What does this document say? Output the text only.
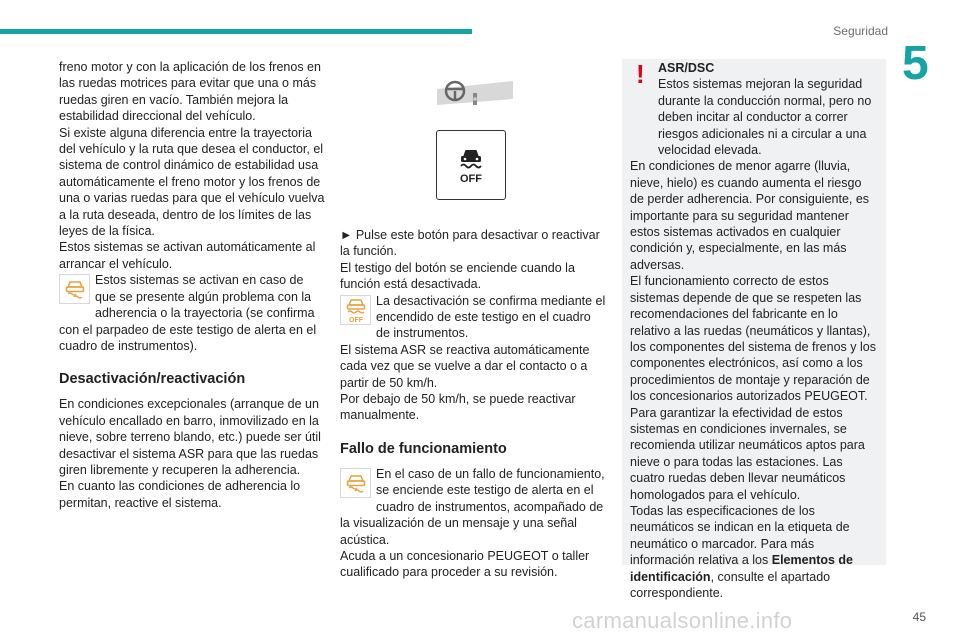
Seguridad
5

freno motor y con la aplicación de los frenos en las ruedas motrices para evitar que una o más ruedas giren en vacío. También mejora la estabilidad direccional del vehículo.

Si existe alguna diferencia entre la trayectoria del vehículo y la ruta que desea el conductor, el sistema de control dinámico de estabilidad usa automáticamente el freno motor y los frenos de una o varias ruedas para que el vehículo vuelva a la ruta deseada, dentro de los límites de las leyes de la física.

Estos sistemas se activan automáticamente al arrancar el vehículo.

Estos sistemas se activan en caso de que se presente algún problema con la adherencia o la trayectoria (se confirma con el parpadeo de este testigo de alerta en el cuadro de instrumentos).
Desactivación/reactivación

En condiciones excepcionales (arranque de un vehículo encallado en barro, inmovilizado en la nieve, sobre terreno blando, etc.) puede ser útil desactivar el sistema ASR para que las ruedas giren libremente y recuperen la adherencia.

En cuanto las condiciones de adherencia lo permitan, reactive el sistema.

OFF

► Pulse este botón para desactivar o reactivar la función.

El testigo del botón se enciende cuando la función está desactivada.

OFF
La desactivación se confirma mediante el encendido de este testigo en el cuadro de instrumentos.

El sistema ASR se reactiva automáticamente cada vez que se vuelve a dar el contacto o a partir de 50 km/h.

Por debajo de 50 km/h, se puede reactivar manualmente.

Fallo de funcionamiento
En el caso de un fallo de funcionamiento, se enciende este testigo de alerta en el cuadro de instrumentos, acompañado de la visualización de un mensaje y una señal acústica.

Acuda a un concesionario PEUGEOT o taller cualificado para proceder a su revisión.

! ASR/DSC
Estos sistemas mejoran la seguridad durante la conducción normal, pero no deben incitar al conductor a correr riesgos adicionales ni a circular a una velocidad elevada.

En condiciones de menor agarre (lluvia, nieve, hielo) es cuando aumenta el riesgo de perder adherencia. Por consiguiente, es importante para su seguridad mantener estos sistemas activados en cualquier condición y, especialmente, en las más adversas.

El funcionamiento correcto de estos sistemas depende de que se respeten las recomendaciones del fabricante en lo relativo a las ruedas (neumáticos y llantas), los componentes del sistema de frenos y los componentes electrónicos, así como a los procedimientos de montaje y reparación de los concesionarios autorizados PEUGEOT.

Para garantizar la efectividad de estos sistemas en condiciones invernales, se recomienda utilizar neumáticos aptos para nieve o para todas las estaciones. Las cuatro ruedas deben llevar neumáticos homologados para el vehículo.

Todas las especificaciones de los neumáticos se indican en la etiqueta de neumático o marcador. Para más información relativa a los Elementos de identificación, consulte el apartado correspondiente.

carmanualsonline.info	45
